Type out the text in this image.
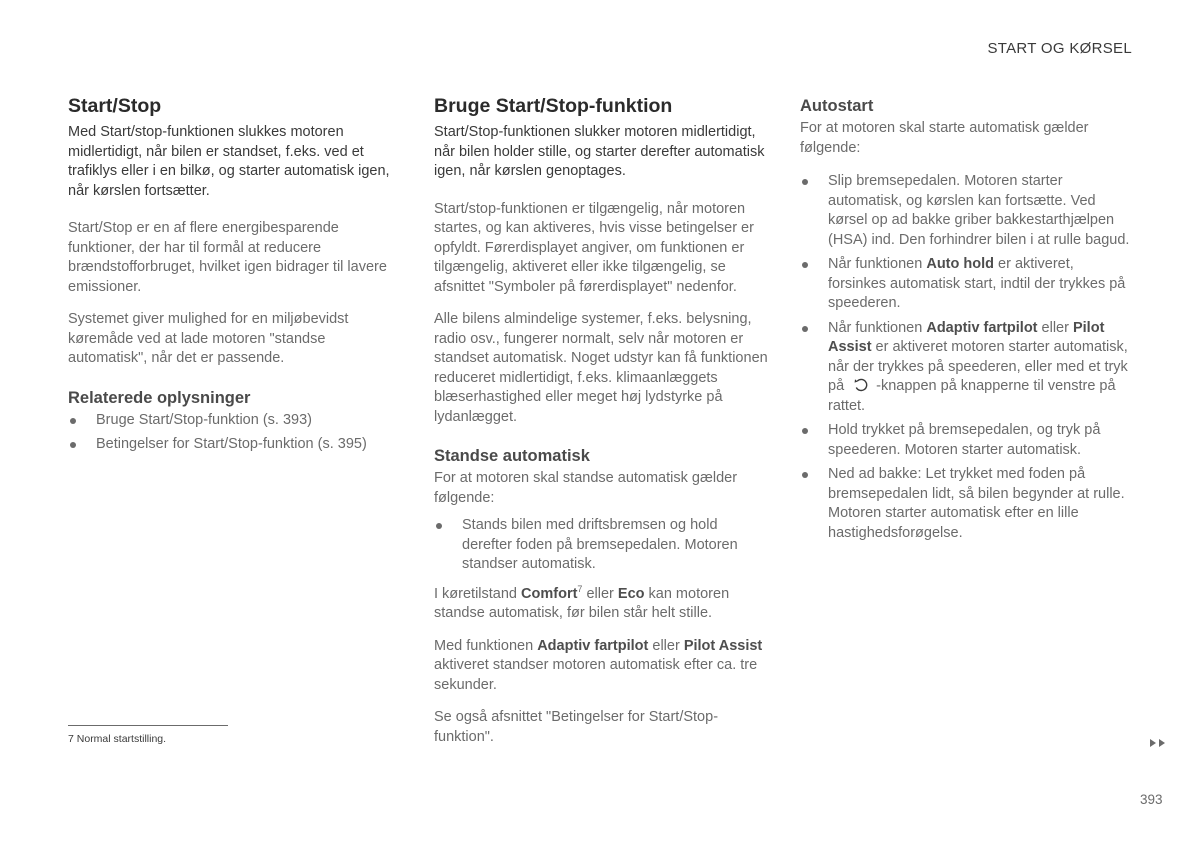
START OG KØRSEL
Start/Stop

Med Start/stop-funktionen slukkes motoren midlertidigt, når bilen er standset, f.eks. ved et trafiklys eller i en bilkø, og starter automatisk igen, når kørslen fortsætter.

Start/Stop er en af flere energibesparende funktioner, der har til formål at reducere brændstofforbruget, hvilket igen bidrager til lavere emissioner.

Systemet giver mulighed for en miljøbevidst køremåde ved at lade motoren "standse automatisk", når det er passende.

Relaterede oplysninger
Bruge Start/Stop-funktion (s. 393)
Betingelser for Start/Stop-funktion (s. 395)
Bruge Start/Stop-funktion

Start/Stop-funktionen slukker motoren midlertidigt, når bilen holder stille, og starter derefter automatisk igen, når kørslen genoptages.

Start/stop-funktionen er tilgængelig, når motoren startes, og kan aktiveres, hvis visse betingelser er opfyldt. Førerdisplayet angiver, om funktionen er tilgængelig, aktiveret eller ikke tilgængelig, se afsnittet "Symboler på førerdisplayet" nedenfor.

Alle bilens almindelige systemer, f.eks. belysning, radio osv., fungerer normalt, selv når motoren er standset automatisk. Noget udstyr kan få funktionen reduceret midlertidigt, f.eks. klimaanlæggets blæserhastighed eller meget høj lydstyrke på lydanlægget.

Standse automatisk

For at motoren skal standse automatisk gælder følgende:

Stands bilen med driftsbremsen og hold derefter foden på bremsepedalen. Motoren standser automatisk.

I køretilstand Comfort$^7$ eller Eco kan motoren standse automatisk, før bilen står helt stille.

Med funktionen Adaptiv fartpilot eller Pilot Assist aktiveret standser motoren automatisk efter ca. tre sekunder.

Se også afsnittet "Betingelser for Start/Stop-funktion".

Autostart

For at motoren skal starte automatisk gælder følgende:

Slip bremsepedalen. Motoren starter automatisk, og kørslen kan fortsætte. Ved kørsel op ad bakke griber bakkestarthjælpen (HSA) ind. Den forhindrer bilen i at rulle bagud.
Når funktionen Auto hold er aktiveret, forsinkes automatisk start, indtil der trykkes på speederen.
Når funktionen Adaptiv fartpilot eller Pilot Assist er aktiveret motoren starter automatisk, når der trykkes på speederen, eller med et tryk på -knappen på knapperne til venstre på rattet.
Hold trykket på bremsepedalen, og tryk på speederen. Motoren starter automatisk.
Ned ad bakke: Let trykket med foden på bremsepedalen lidt, så bilen begynder at rulle. Motoren starter automatisk efter en lille hastighedsforøgelse.
7 Normal startstilling.
393
